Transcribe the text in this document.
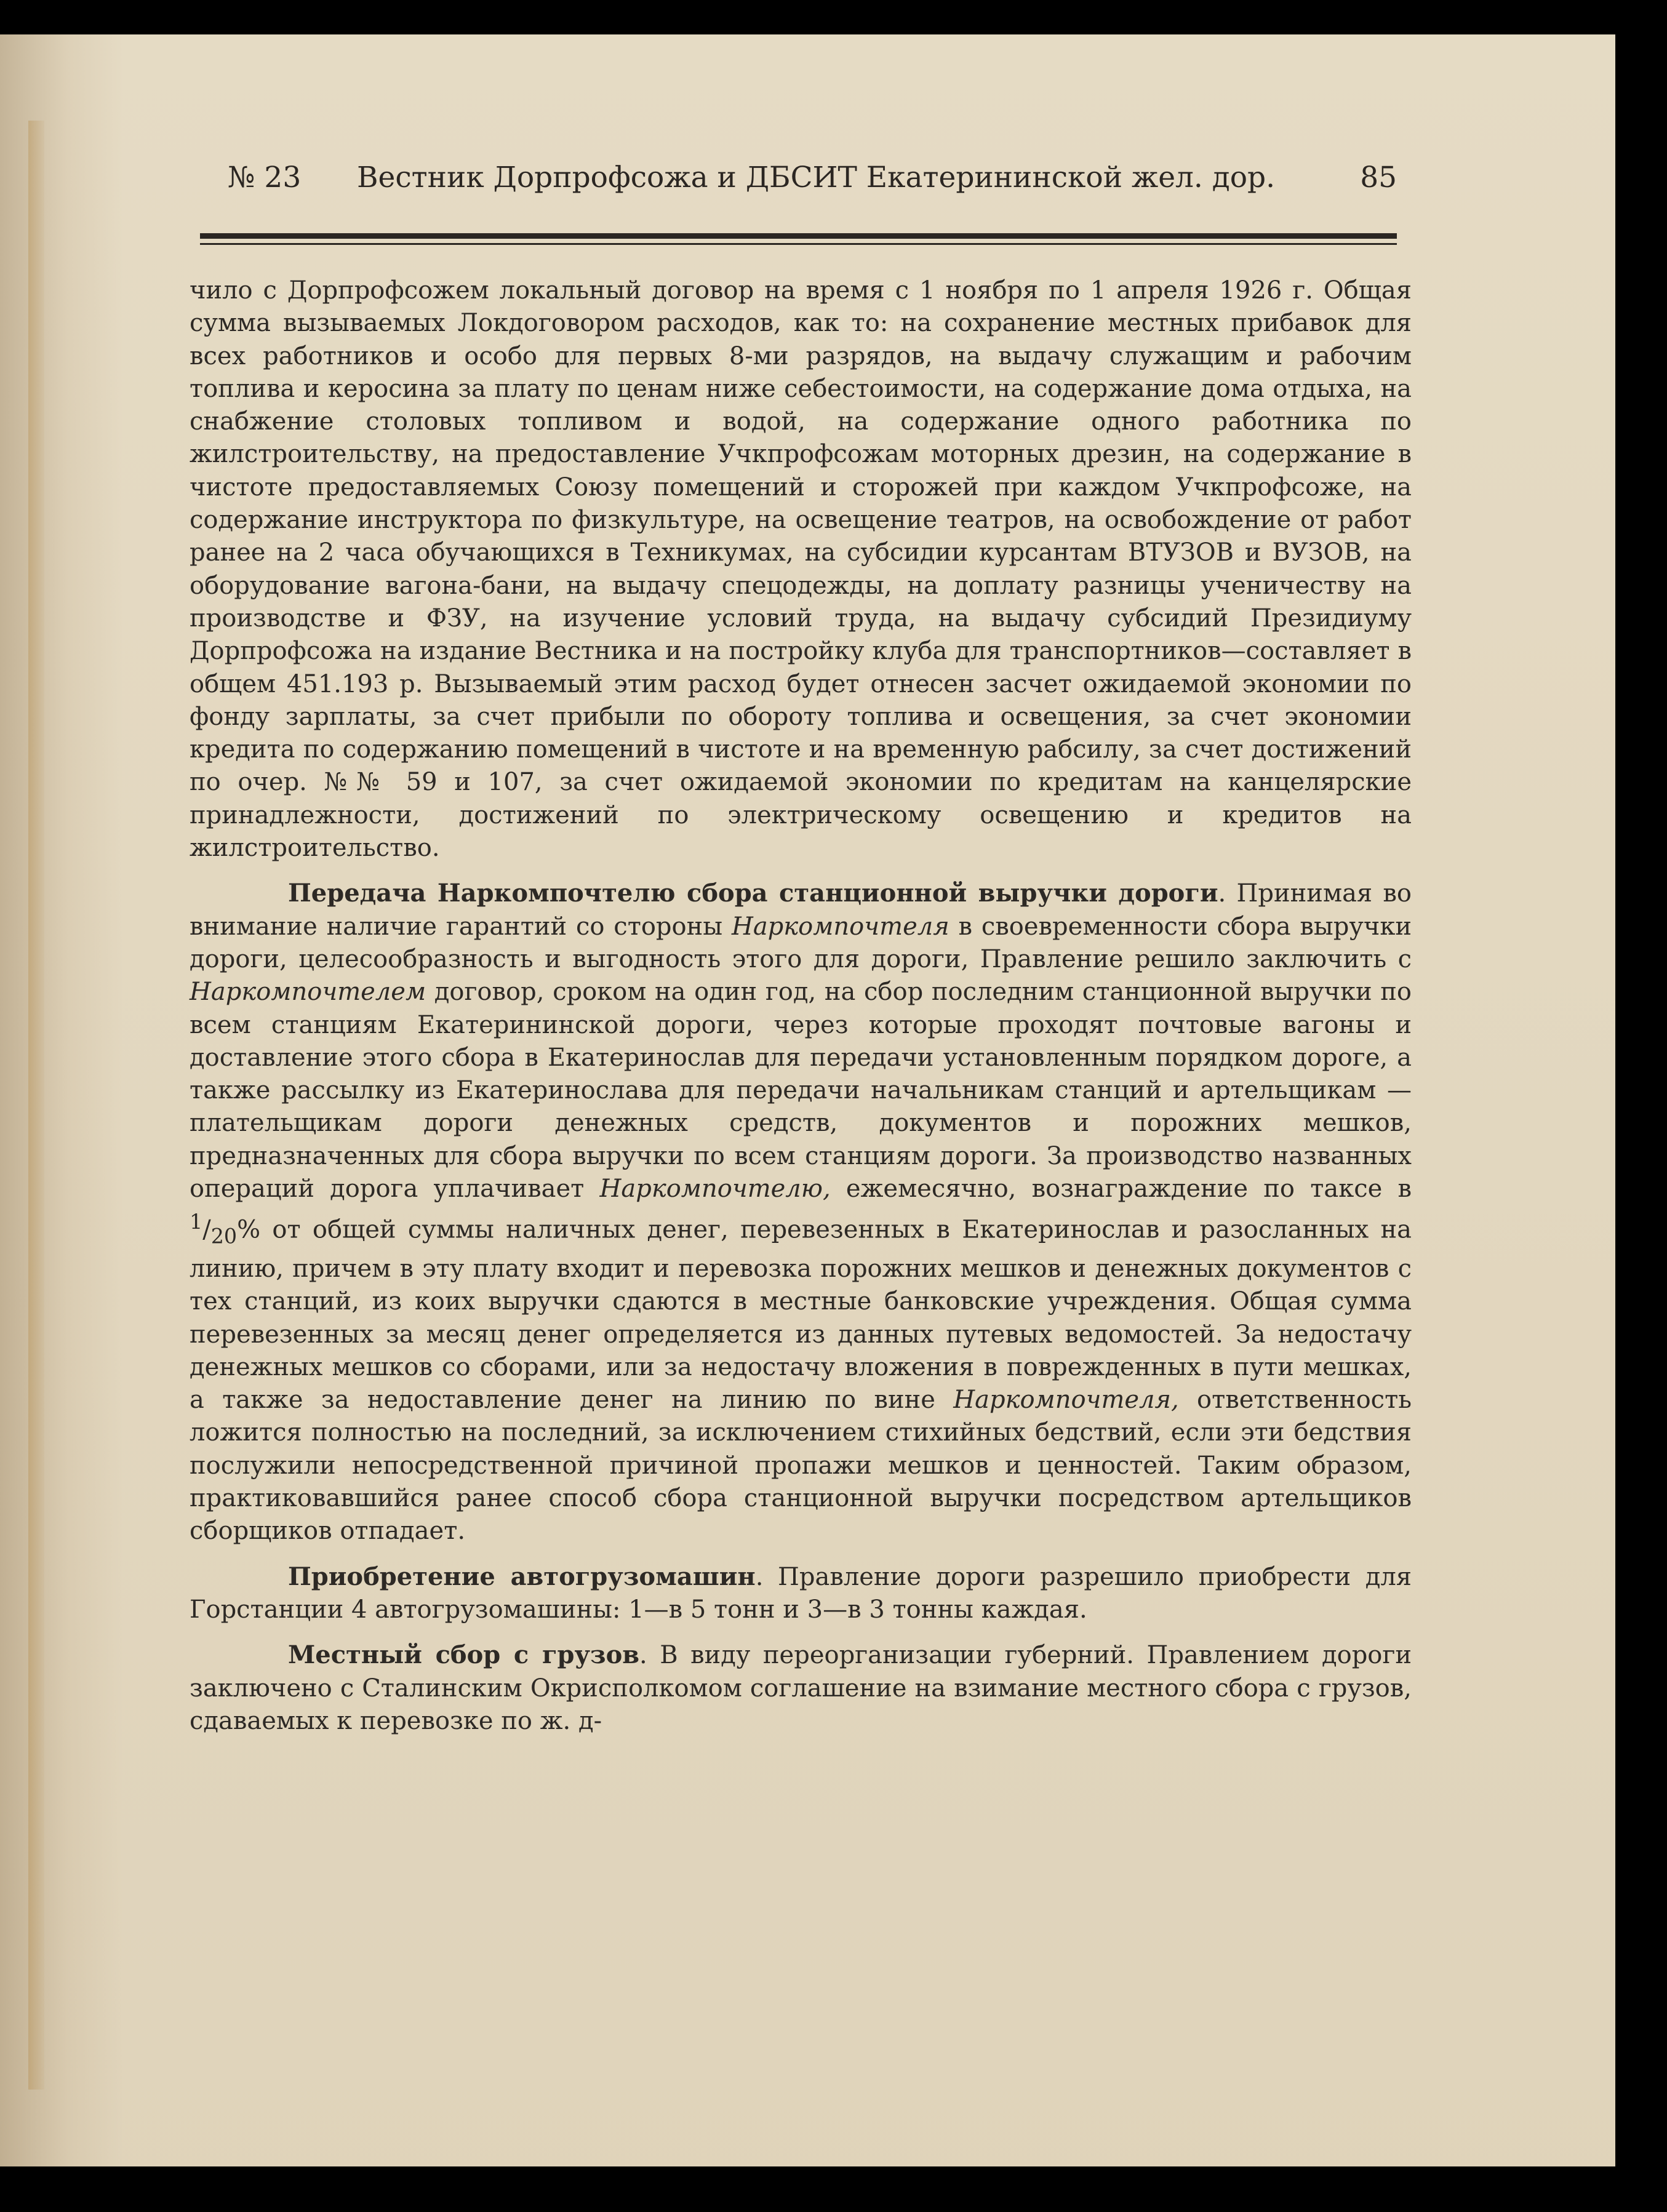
№ 23 Вестник Дорпрофсожа и ДБСИТ Екатерининской жел. дор.	85

чило с Дорпрофсожем локальный договор на время с 1 ноября по 1 апреля 1926 г. Общая сумма вызываемых Локдоговором расходов, как то: на сохранение местных прибавок для всех работников и особо для первых 8-ми разрядов, на выдачу служащим и рабочим топлива и керосина за плату по ценам ниже себестоимости, на содержание дома отдыха, на снабжение столовых топливом и водой, на содержание одного работника по жилстроительству, на предоставление Учкпрофсожам моторных дрезин, на содержание в чистоте предоставляемых Союзу помещений и сторожей при каждом Учкпрофсоже, на содержание инструктора по физкультуре, на освещение театров, на освобождение от работ ранее на 2 часа обучающихся в Техникумах, на субсидии курсантам ВТУЗОВ и ВУЗОВ, на оборудование вагона-бани, на выдачу спецодежды, на доплату разницы ученичеству на производстве и ФЗУ, на изучение условий труда, на выдачу субсидий Президиуму Дорпрофсожа на издание Вестника и на постройку клуба для транспортников—составляет в общем 451.193 р. Вызываемый этим расход будет отнесен засчет ожидаемой экономии по фонду зарплаты, за счет прибыли по обороту топлива и освещения, за счет экономии кредита по содержанию помещений в чистоте и на временную рабсилу, за счет достижений по очер. №№ 59 и 107, за счет ожидаемой экономии по кредитам на канцелярские принадлежности, достижений по электрическому освещению и кредитов на жилстроительство.

Передача Наркомпочтелю сбора станционной выручки дороги. Принимая во внимание наличие гарантий со стороны Наркомпочтеля в своевременности сбора выручки дороги, целесообразность и выгодность этого для дороги, Правление решило заключить с Наркомпочтелем договор, сроком на один год, на сбор последним станционной выручки по всем станциям Екатерининской дороги, через которые проходят почтовые вагоны и доставление этого сбора в Екатеринослав для передачи установленным порядком дороге, а также рассылку из Екатеринослава для передачи начальникам станций и артельщикам — плательщикам дороги денежных средств, документов и порожних мешков, предназначенных для сбора выручки по всем станциям дороги. За производство названных операций дорога уплачивает Наркомпочтелю, ежемесячно, вознаграждение по таксе в $^1/_{20}\%$ от общей суммы наличных денег, перевезенных в Екатеринослав и разосланных на линию, причем в эту плату входит и перевозка порожних мешков и денежных документов с тех станций, из коих выручки сдаются в местные банковские учреждения. Общая сумма перевезенных за месяц денег определяется из данных путевых ведомостей. За недостачу денежных мешков со сборами, или за недостачу вложения в поврежденных в пути мешках, а также за недоставление денег на линию по вине Наркомпочтеля, ответственность ложится полностью на последний, за исключением стихийных бедствий, если эти бедствия послужили непосредственной причиной пропажи мешков и ценностей. Таким образом, практиковавшийся ранее способ сбора станционной выручки посредством артельщиков сборщиков отпадает.

Приобретение автогрузомашин. Правление дороги разрешило приобрести для Горстанции 4 автогрузомашины: 1—в 5 тонн и 3—в 3 тонны каждая.

Местный сбор с грузов. В виду переорганизации губерний. Правлением дороги заключено с Сталинским Окрисполкомом соглашение на взимание местного сбора с грузов, сдаваемых к перевозке по ж. д-
